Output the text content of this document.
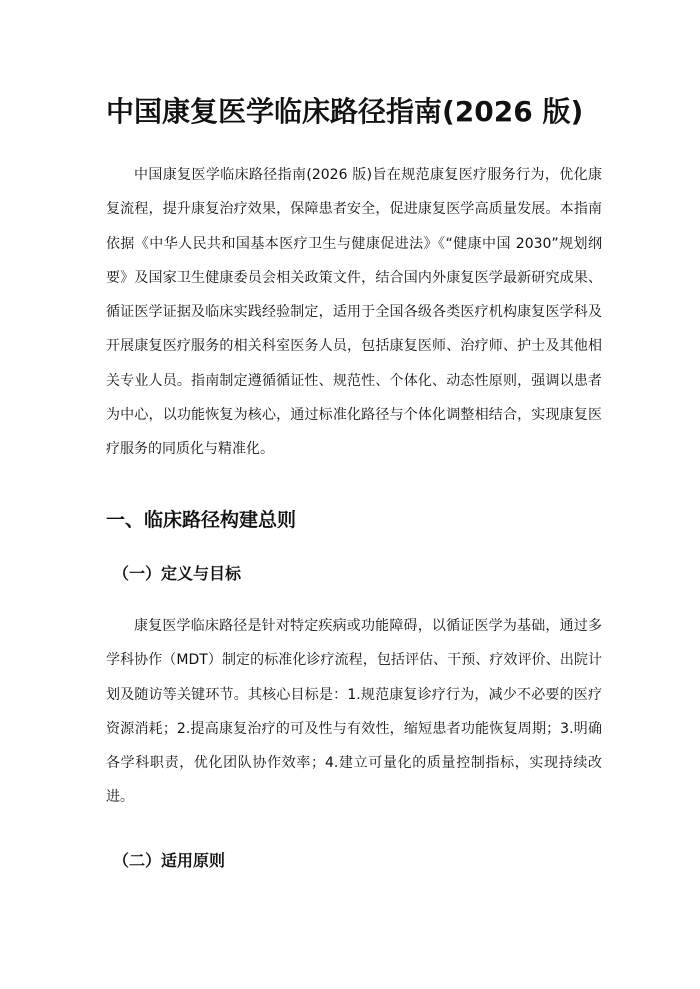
中国康复医学临床路径指南(2026 版)

中国康复医学临床路径指南(2026 版)旨在规范康复医疗服务行为，优化康复流程，提升康复治疗效果，保障患者安全，促进康复医学高质量发展。本指南依据《中华人民共和国基本医疗卫生与健康促进法》《“健康中国 2030”规划纲要》及国家卫生健康委员会相关政策文件，结合国内外康复医学最新研究成果、循证医学证据及临床实践经验制定，适用于全国各级各类医疗机构康复医学科及开展康复医疗服务的相关科室医务人员，包括康复医师、治疗师、护士及其他相关专业人员。指南制定遵循循证性、规范性、个体化、动态性原则，强调以患者为中心，以功能恢复为核心，通过标准化路径与个体化调整相结合，实现康复医疗服务的同质化与精准化。

一、临床路径构建总则
（一）定义与目标

康复医学临床路径是针对特定疾病或功能障碍，以循证医学为基础，通过多学科协作（MDT）制定的标准化诊疗流程，包括评估、干预、疗效评价、出院计划及随访等关键环节。其核心目标是：1.规范康复诊疗行为，减少不必要的医疗资源消耗；2.提高康复治疗的可及性与有效性，缩短患者功能恢复周期；3.明确各学科职责，优化团队协作效率；4.建立可量化的质量控制指标，实现持续改进。

（二）适用原则
